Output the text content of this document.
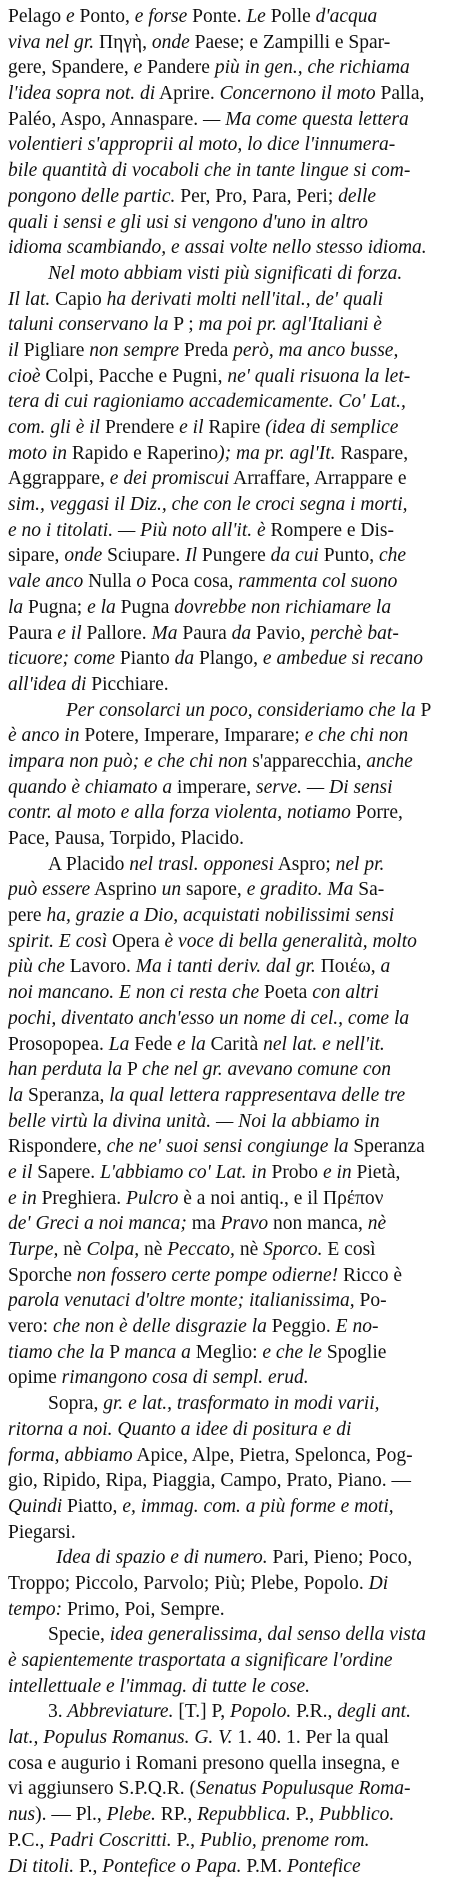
Pelago e Ponto, e forse Ponte. Le Polle d'acqua
viva nel gr. Πηγὴ, onde Paese; e Zampilli e Spar-
gere, Spandere, e Pandere più in gen., che richiama
l'idea sopra not. di Aprire. Concernono il moto Palla,
Paléo, Aspo, Annaspare. — Ma come questa lettera
volentieri s'approprii al moto, lo dice l'innumera-
bile quantità di vocaboli che in tante lingue si com-
pongono delle partic. Per, Pro, Para, Peri; delle
quali i sensi e gli usi si vengono d'uno in altro
idioma scambiando, e assai volte nello stesso idioma.
Nel moto abbiam visti più significati di forza.
Il lat. Capio ha derivati molti nell'ital., de' quali
taluni conservano la P ; ma poi pr. agl'Italiani è
il Pigliare non sempre Preda però, ma anco busse,
cioè Colpi, Pacche e Pugni, ne' quali risuona la let-
tera di cui ragioniamo accademicamente. Co' Lat.,
com. gli è il Prendere e il Rapire (idea di semplice
moto in Rapido e Raperino); ma pr. agl'It. Raspare,
Aggrappare, e dei promiscui Arraffare, Arrappare e
sim., veggasi il Diz., che con le croci segna i morti,
e no i titolati. — Più noto all'it. è Rompere e Dis-
sipare, onde Sciupare. Il Pungere da cui Punto, che
vale anco Nulla o Poca cosa, rammenta col suono
la Pugna; e la Pugna dovrebbe non richiamare la
Paura e il Pallore. Ma Paura da Pavio, perchè bat-
ticuore; come Pianto da Plango, e ambedue si recano
all'idea di Picchiare.
Per consolarci un poco, consideriamo che la P
è anco in Potere, Imperare, Imparare; e che chi non
impara non può; e che chi non s'apparecchia, anche
quando è chiamato a imperare, serve. — Di sensi
contr. al moto e alla forza violenta, notiamo Porre,
Pace, Pausa, Torpido, Placido.
A Placido nel trasl. opponesi Aspro; nel pr.
può essere Asprino un sapore, e gradito. Ma Sa-
pere ha, grazie a Dio, acquistati nobilissimi sensi
spirit. E così Opera è voce di bella generalità, molto
più che Lavoro. Ma i tanti deriv. dal gr. Ποιέω, a
noi mancano. E non ci resta che Poeta con altri
pochi, diventato anch'esso un nome di cel., come la
Prosopopea. La Fede e la Carità nel lat. e nell'it.
han perduta la P che nel gr. avevano comune con
la Speranza, la qual lettera rappresentava delle tre
belle virtù la divina unità. — Noi la abbiamo in
Rispondere, che ne' suoi sensi congiunge la Speranza
e il Sapere. L'abbiamo co' Lat. in Probo e in Pietà,
e in Preghiera. Pulcro è a noi antiq., e il Πρέπον
de' Greci a noi manca; ma Pravo non manca, nè
Turpe, nè Colpa, nè Peccato, nè Sporco. E così
Sporche non fossero certe pompe odierne! Ricco è
parola venutaci d'oltre monte; italianissima, Po-
vero: che non è delle disgrazie la Peggio. E no-
tiamo che la P manca a Meglio: e che le Spoglie
opime rimangono cosa di sempl. erud.
Sopra, gr. e lat., trasformato in modi varii,
ritorna a noi. Quanto a idee di positura e di
forma, abbiamo Apice, Alpe, Pietra, Spelonca, Pog-
gio, Ripido, Ripa, Piaggia, Campo, Prato, Piano. —
Quindi Piatto, e, immag. com. a più forme e moti,
Piegarsi.
Idea di spazio e di numero. Pari, Pieno; Poco,
Troppo; Piccolo, Parvolo; Più; Plebe, Popolo. Di
tempo: Primo, Poi, Sempre.
Specie, idea generalissima, dal senso della vista
è sapientemente trasportata a significare l'ordine
intellettuale e l'immag. di tutte le cose.
3. Abbreviature. [T.] P, Popolo. P.R., degli ant.
lat., Populus Romanus. G. V. 1. 40. 1. Per la qual
cosa e augurio i Romani presono quella insegna, e
vi aggiunsero S.P.Q.R. (Senatus Populusque Roma-
nus). — Pl., Plebe. RP., Repubblica. P., Pubblico.
P.C., Padri Coscritti. P., Publio, prenome rom.
Di titoli. P., Pontefice o Papa. P.M. Pontefice
